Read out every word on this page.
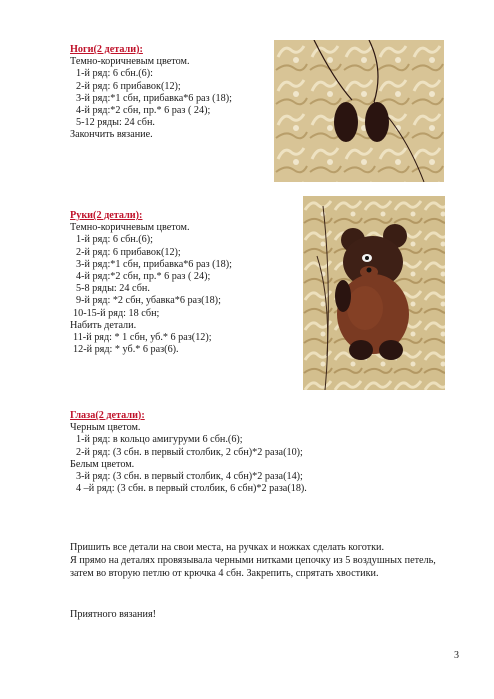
Ноги(2 детали):
Темно-коричневым цветом.
1-й ряд: 6 сбн.(6):
2-й ряд: 6 прибавок(12);
3-й ряд:*1 сбн, прибавка*6 раз (18);
4-й ряд:*2 сбн, пр.* 6 раз ( 24);
5-12 ряды: 24 сбн.
Закончить вязание.
Руки(2 детали):
Темно-коричневым цветом.
1-й ряд: 6 сбн.(6);
2-й ряд: 6 прибавок(12);
3-й ряд:*1 сбн, прибавка*6 раз (18);
4-й ряд:*2 сбн, пр.* 6 раз ( 24);
5-8 ряды: 24 сбн.
9-й ряд: *2 сбн, убавка*6 раз(18);
10-15-й ряд: 18 сбн;
Набить детали.
11-й ряд: * 1 сбн, уб.* 6 раз(12);
12-й ряд: * уб.* 6 раз(6).
Глаза(2 детали):
Черным цветом.
1-й ряд: в кольцо амигуруми 6 сбн.(6);
2-й ряд: (3 сбн. в первый столбик, 2 сбн)*2 раза(10);
Белым цветом.
3-й ряд: (3 сбн. в первый столбик, 4 сбн)*2 раза(14);
4 –й ряд: (3 сбн. в первый столбик, 6 сбн)*2 раза(18).
Пришить все детали на свои места, на ручках и ножках сделать коготки.
Я прямо на деталях провязывала черными нитками цепочку из 5 воздушных петель, затем во вторую петлю от крючка 4 сбн. Закрепить, спрятать хвостики.
Приятного вязания!
3
